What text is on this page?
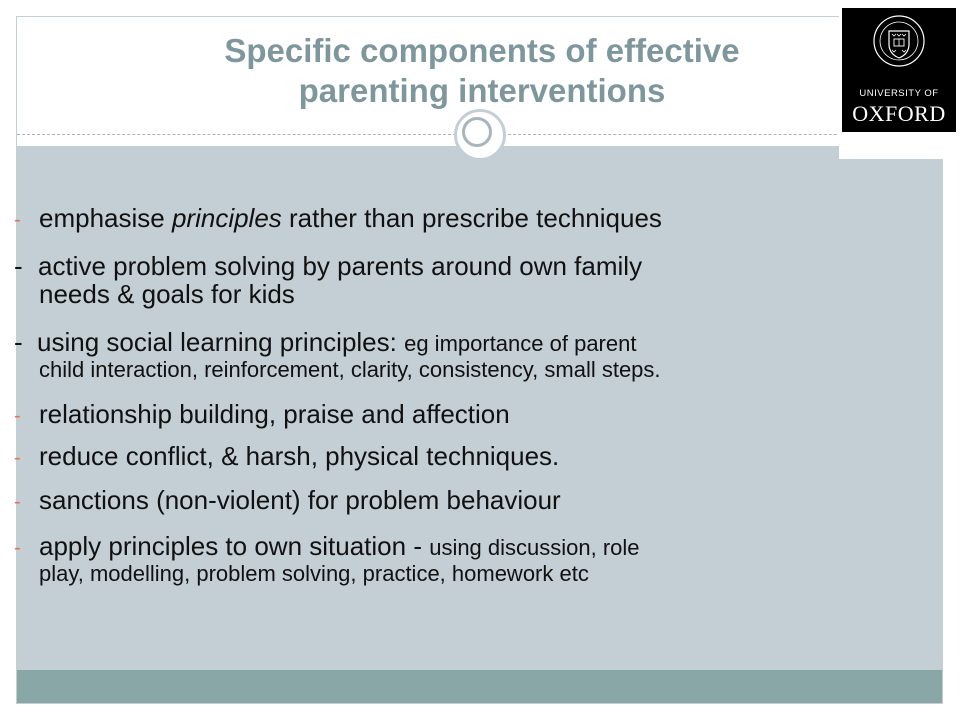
Specific components of effective
parenting interventions	UNIVERSITY OF
OXFORD
- emphasise principles rather than prescribe techniques
- active problem solving by parents around own family
needs & goals for kids
- using social learning principles: eg importance of parent
child interaction, reinforcement, clarity, consistency, small steps.
- relationship building, praise and affection
- reduce conflict, & harsh, physical techniques.
- sanctions (non-violent) for problem behaviour
- apply principles to own situation - using discussion, role
play, modelling, problem solving, practice, homework etc
